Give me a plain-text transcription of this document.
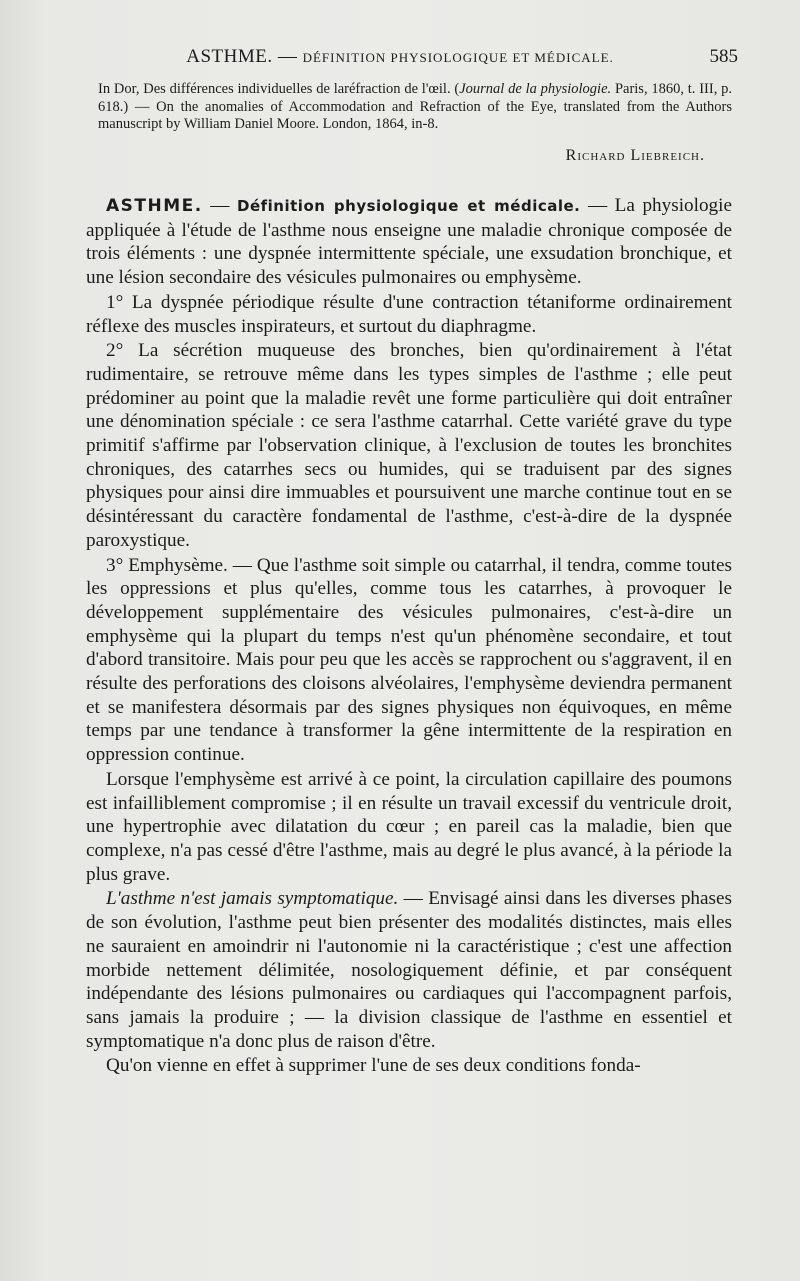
ASTHME. — DÉFINITION PHYSIOLOGIQUE ET MÉDICALE.	585

In Dor, Des différences individuelles de laréfraction de l'œil. (Journal de la physiologie. Paris, 1860, t. III, p. 618.) — On the anomalies of Accommodation and Refraction of the Eye, translated from the Authors manuscript by William Daniel Moore. London, 1864, in-8.

Richard Liebreich.

ASTHME. — Définition physiologique et médicale. — La physiologie appliquée à l'étude de l'asthme nous enseigne une maladie chronique composée de trois éléments : une dyspnée intermittente spéciale, une exsudation bronchique, et une lésion secondaire des vésicules pulmonaires ou emphysème.

1° La dyspnée périodique résulte d'une contraction tétaniforme ordinairement réflexe des muscles inspirateurs, et surtout du diaphragme.

2° La sécrétion muqueuse des bronches, bien qu'ordinairement à l'état rudimentaire, se retrouve même dans les types simples de l'asthme ; elle peut prédominer au point que la maladie revêt une forme particulière qui doit entraîner une dénomination spéciale : ce sera l'asthme catarrhal. Cette variété grave du type primitif s'affirme par l'observation clinique, à l'exclusion de toutes les bronchites chroniques, des catarrhes secs ou humides, qui se traduisent par des signes physiques pour ainsi dire immuables et poursuivent une marche continue tout en se désintéressant du caractère fondamental de l'asthme, c'est-à-dire de la dyspnée paroxystique.

3° Emphysème. — Que l'asthme soit simple ou catarrhal, il tendra, comme toutes les oppressions et plus qu'elles, comme tous les catarrhes, à provoquer le développement supplémentaire des vésicules pulmonaires, c'est-à-dire un emphysème qui la plupart du temps n'est qu'un phénomène secondaire, et tout d'abord transitoire. Mais pour peu que les accès se rapprochent ou s'aggravent, il en résulte des perforations des cloisons alvéolaires, l'emphysème deviendra permanent et se manifestera désormais par des signes physiques non équivoques, en même temps par une tendance à transformer la gêne intermittente de la respiration en oppression continue.

Lorsque l'emphysème est arrivé à ce point, la circulation capillaire des poumons est infailliblement compromise ; il en résulte un travail excessif du ventricule droit, une hypertrophie avec dilatation du cœur ; en pareil cas la maladie, bien que complexe, n'a pas cessé d'être l'asthme, mais au degré le plus avancé, à la période la plus grave.

L'asthme n'est jamais symptomatique. — Envisagé ainsi dans les diverses phases de son évolution, l'asthme peut bien présenter des modalités distinctes, mais elles ne sauraient en amoindrir ni l'autonomie ni la caractéristique ; c'est une affection morbide nettement délimitée, nosologiquement définie, et par conséquent indépendante des lésions pulmonaires ou cardiaques qui l'accompagnent parfois, sans jamais la produire ; — la division classique de l'asthme en essentiel et symptomatique n'a donc plus de raison d'être.

Qu'on vienne en effet à supprimer l'une de ses deux conditions fonda-
